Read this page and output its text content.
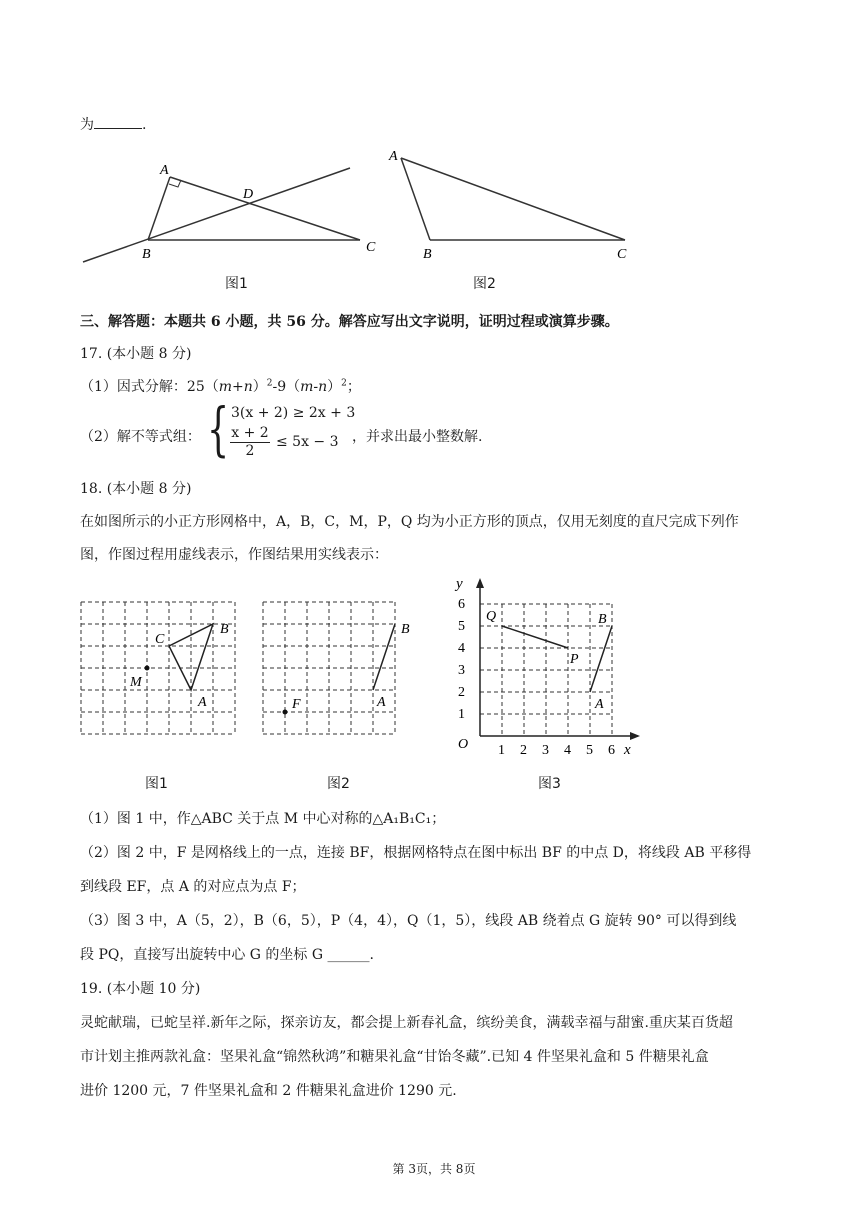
为	.
A
D
B	C
图1
A
B	C
图2
三、解答题：本题共 6 小题，共 56 分。解答应写出文字说明，证明过程或演算步骤。
17. (本小题 8 分)
（1）因式分解：$25(m+n)^2-9(m-n)^2$；
（2）解不等式组： { 3(x + 2) ≥ 2x + 3
$\frac{x + 2}{2} \le 5x - 3$ ，并求出最小整数解.
18. (本小题 8 分)
在如图所示的小正方形网格中，A，B，C，M，P，Q 均为小正方形的顶点，仅用无刻度的直尺完成下列作
图，作图过程用虚线表示，作图结果用实线表示：
C
B
M
A
图1
B
F	A
图2
y
O	x
6
5
4
3
2
1
1 2 3 4 5 6
Q
P
B
A
图3
（1）图 1 中，作△ABC 关于点 M 中心对称的△A₁B₁C₁；
（2）图 2 中，F 是网格线上的一点，连接 BF，根据网格特点在图中标出 BF 的中点 D，将线段 AB 平移得
到线段 EF，点 A 的对应点为点 F；
（3）图 3 中，A（5，2），B（6，5），P（4，4），Q（1，5），线段 AB 绕着点 G 旋转 90° 可以得到线
段 PQ，直接写出旋转中心 G 的坐标 G ______.
19. (本小题 10 分)
灵蛇献瑞，已蛇呈祥.新年之际，探亲访友，都会提上新春礼盒，缤纷美食，满载幸福与甜蜜.重庆某百货超
市计划主推两款礼盒：坚果礼盒“锦然秋鸿”和糖果礼盒“甘饴冬藏”.已知 4 件坚果礼盒和 5 件糖果礼盒
进价 1200 元，7 件坚果礼盒和 2 件糖果礼盒进价 1290 元.
第 3页，共 8页
